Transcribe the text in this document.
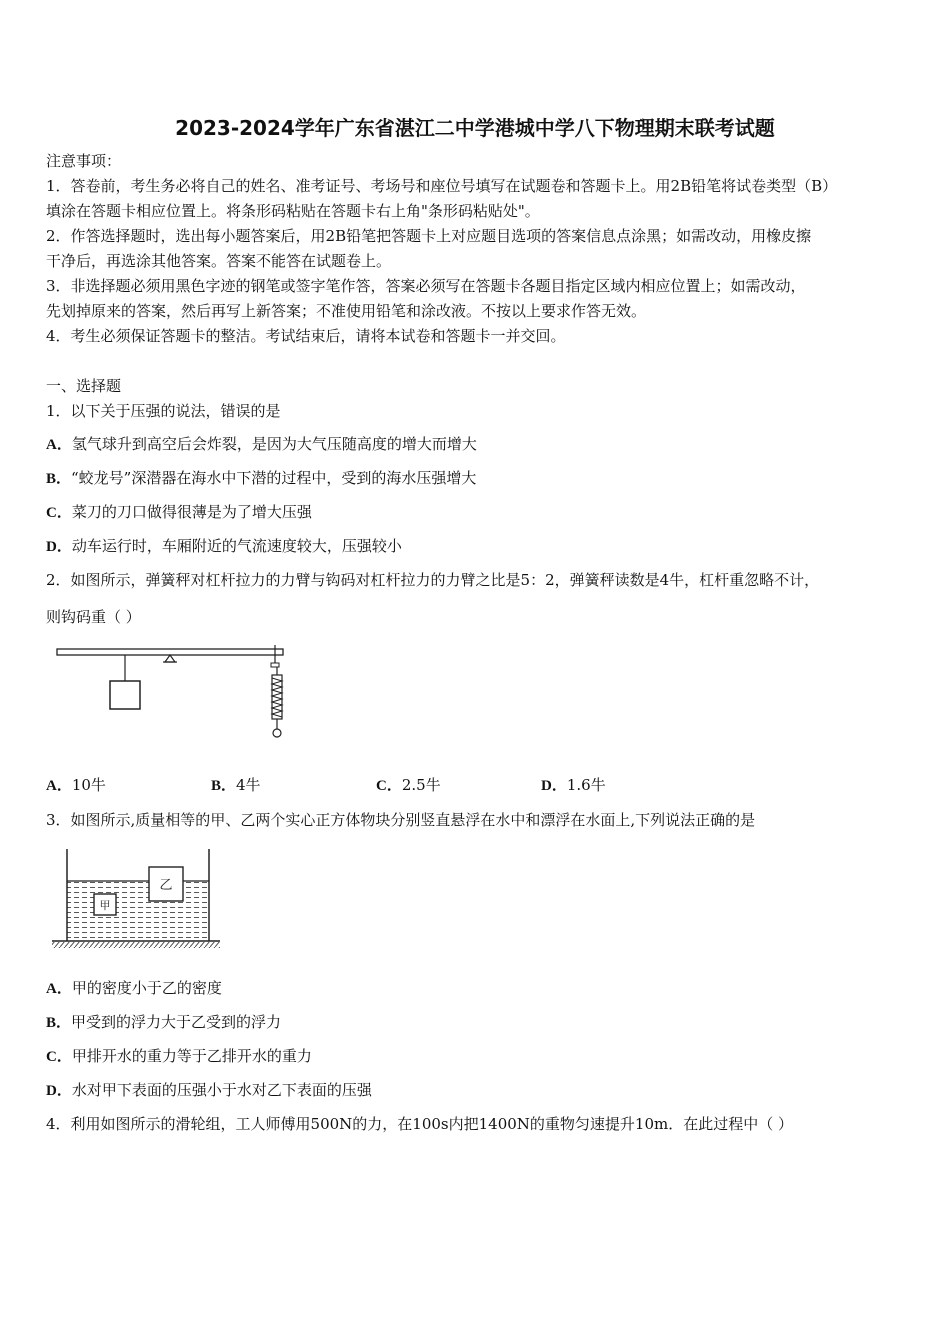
2023-2024学年广东省湛江二中学港城中学八下物理期末联考试题
注意事项：
1．答卷前，考生务必将自己的姓名、准考证号、考场号和座位号填写在试题卷和答题卡上。用2B铅笔将试卷类型（B）
填涂在答题卡相应位置上。将条形码粘贴在答题卡右上角"条形码粘贴处"。
2．作答选择题时，选出每小题答案后，用2B铅笔把答题卡上对应题目选项的答案信息点涂黑；如需改动，用橡皮擦
干净后，再选涂其他答案。答案不能答在试题卷上。
3．非选择题必须用黑色字迹的钢笔或签字笔作答，答案必须写在答题卡各题目指定区域内相应位置上；如需改动，
先划掉原来的答案，然后再写上新答案；不准使用铅笔和涂改液。不按以上要求作答无效。
4．考生必须保证答题卡的整洁。考试结束后，请将本试卷和答题卡一并交回。
一、选择题
1．以下关于压强的说法，错误的是
A．氢气球升到高空后会炸裂，是因为大气压随高度的增大而增大
B．“蛟龙号”深潜器在海水中下潜的过程中，受到的海水压强增大
C．菜刀的刀口做得很薄是为了增大压强
D．动车运行时，车厢附近的气流速度较大，压强较小
2．如图所示，弹簧秤对杠杆拉力的力臂与钩码对杠杆拉力的力臂之比是5：2，弹簧秤读数是4牛，杠杆重忽略不计，
则钩码重（ ）
A．10牛	B．4牛	C．2.5牛	D．1.6牛
3．如图所示,质量相等的甲、乙两个实心正方体物块分别竖直悬浮在水中和漂浮在水面上,下列说法正确的是
甲
乙
A．甲的密度小于乙的密度
B．甲受到的浮力大于乙受到的浮力
C．甲排开水的重力等于乙排开水的重力
D．水对甲下表面的压强小于水对乙下表面的压强
4．利用如图所示的滑轮组，工人师傅用500N的力，在100s内把1400N的重物匀速提升10m．在此过程中（ ）
